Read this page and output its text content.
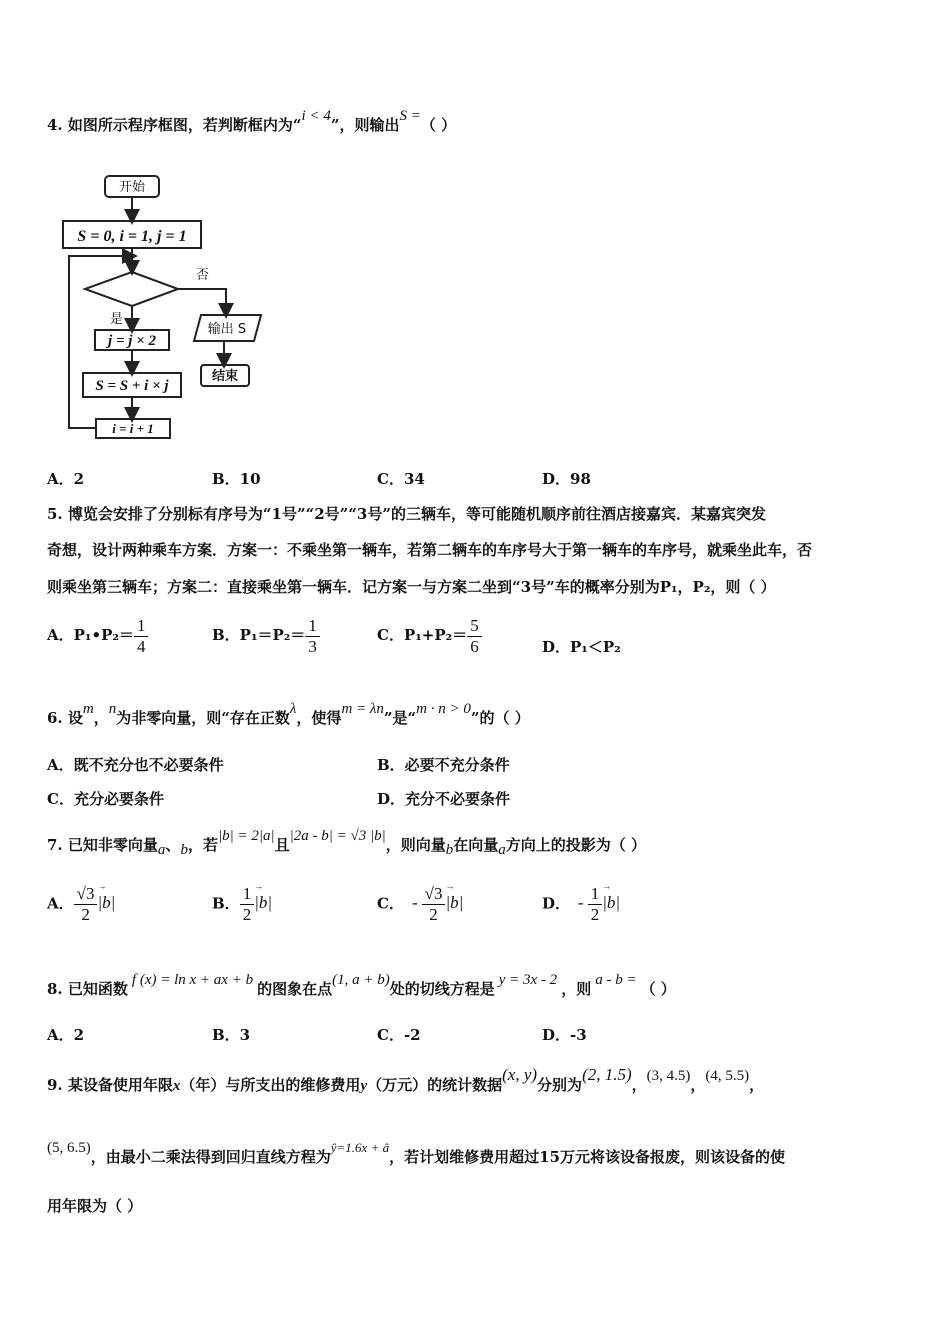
4. 如图所示程序框图，若判断框内为“i < 4”，则输出S =（ ）
开始
S = 0, i = 1, j = 1
否
是
j = j × 2
S = S + i × j
i = i + 1
输出 S
结束
A．2	B．10	C．34	D．98
5. 博览会安排了分别标有序号为“1号”“2号”“3号”的三辆车，等可能随机顺序前往酒店接嘉宾．某嘉宾突发
奇想，设计两种乘车方案．方案一：不乘坐第一辆车，若第二辆车的车序号大于第一辆车的车序号，就乘坐此车，否
则乘坐第三辆车；方案二：直接乘坐第一辆车．记方案一与方案二坐到“3号”车的概率分别为P₁，P₂，则（ ）
A．P₁•P₂＝ $\frac{1}{4}$	B．$P_1=P_2= \frac{1}{3}$	C．$P_1+P_2= \frac{5}{6}$	D．P₁＜P₂
6. 设m，n为非零向量，则“存在正数λ，使得m = λn”是“m · n > 0”的（ ）
A．既不充分也不必要条件	B．必要不充分条件
C．充分必要条件	D．充分不必要条件
7. 已知非零向量a、b，若|b| = 2|a|且|2a - b| = √3 |b|，则向量b在向量a方向上的投影为（ ）
A． $\frac{√3}{2}$
→ |b|	B． $\frac{1}{2}$
→ |b|	C． - $\frac{√3}{2}$
→ |b|	D． - $\frac{1}{2}$
→ |b|
8. 已知函数 f (x) = ln x + ax + b 的图象在点(1, a + b)处的切线方程是 y = 3x - 2 ，则 a - b = （ ）
A．2	B．3	C．-2	D．-3
9. 某设备使用年限x（年）与所支出的维修费用y（万元）的统计数据(x, y)分别为(2, 1.5)，(3, 4.5)，(4, 5.5)，
(5, 6.5)，由最小二乘法得到回归直线方程为ŷ=1.6x + â，若计划维修费用超过15万元将该设备报废，则该设备的使
用年限为（ ）
